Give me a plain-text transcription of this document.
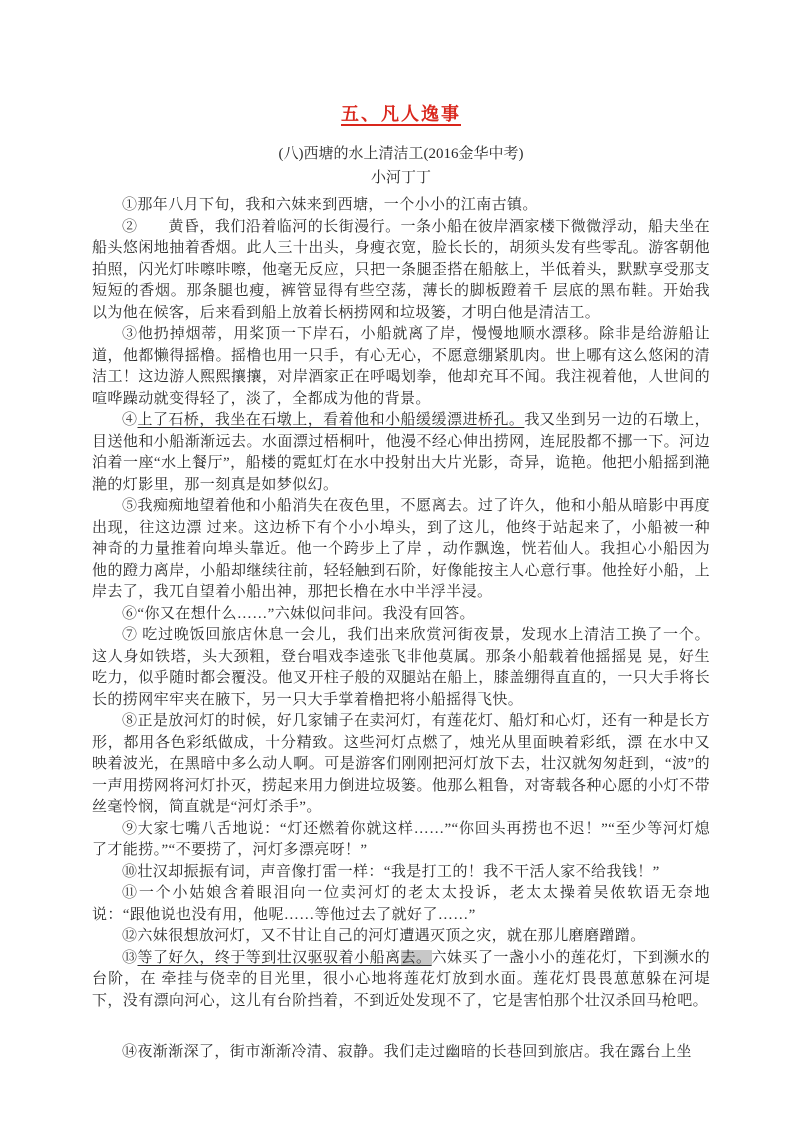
五、凡人逸事
(八)西塘的水上清洁工(2016金华中考)
小河丁丁

①那年八月下旬，我和六妹来到西塘，一个小小的江南古镇。

②　　黄昏，我们沿着临河的长街漫行。一条小船在彼岸酒家楼下微微浮动，船夫坐在船头悠闲地抽着香烟。此人三十出头，身瘦衣宽，脸长长的，胡须头发有些零乱。游客朝他拍照，闪光灯咔嚓咔嚓，他毫无反应，只把一条腿歪搭在船舷上，半低着头，默默享受那支短短的香烟。那条腿也瘦，裤管显得有些空荡，薄长的脚板蹬着千 层底的黑布鞋。开始我以为他在候客，后来看到船上放着长柄捞网和垃圾篓，才明白他是清洁工。

③他扔掉烟蒂，用桨顶一下岸石，小船就离了岸，慢慢地顺水漂移。除非是给游船让道，他都懒得摇橹。摇橹也用一只手，有心无心，不愿意绷紧肌肉。世上哪有这么悠闲的清洁工！这边游人熙熙攘攘，对岸酒家正在呼喝划拳，他却充耳不闻。我注视着他，人世间的喧哗躁动就变得轻了，淡了，全都成为他的背景。

④上了石桥，我坐在石墩上，看着他和小船缓缓漂进桥孔。我又坐到另一边的石墩上，目送他和小船渐渐远去。水面漂过梧桐叶，他漫不经心伸出捞网，连屁股都不挪一下。河边泊着一座“水上餐厅”，船楼的霓虹灯在水中投射出大片光影，奇异，诡艳。他把小船摇到滟滟的灯影里，那一刻真是如梦似幻。

⑤我痴痴地望着他和小船消失在夜色里，不愿离去。过了许久，他和小船从暗影中再度出现，往这边漂 过来。这边桥下有个小小埠头，到了这儿，他终于站起来了，小船被一种神奇的力量推着向埠头靠近。他一个跨步上了岸 ，动作飘逸，恍若仙人。我担心小船因为他的蹬力离岸，小船却继续往前，轻轻触到石阶，好像能按主人心意行事。他拴好小船，上岸去了，我兀自望着小船出神，那把长橹在水中半浮半浸。

⑥“你又在想什么……”六妹似问非问。我没有回答。

⑦ 吃过晚饭回旅店休息一会儿，我们出来欣赏河街夜景，发现水上清洁工换了一个。这人身如铁塔，头大颈粗，登台唱戏李逵张飞非他莫属。那条小船载着他摇摇晃 晃，好生吃力，似乎随时都会覆没。他叉开柱子般的双腿站在船上，膝盖绷得直直的，一只大手将长长的捞网牢牢夹在腋下，另一只大手掌着橹把将小船摇得飞快。

⑧正是放河灯的时候，好几家铺子在卖河灯，有莲花灯、船灯和心灯，还有一种是长方形，都用各色彩纸做成，十分精致。这些河灯点燃了，烛光从里面映着彩纸，漂 在水中又映着波光，在黑暗中多么动人啊。可是游客们刚刚把河灯放下去，壮汉就匆匆赶到，“波”的一声用捞网将河灯扑灭，捞起来用力倒进垃圾篓。他那么粗鲁，对寄载各种心愿的小灯不带丝毫怜悯，简直就是“河灯杀手”。

⑨大家七嘴八舌地说：“灯还燃着你就这样……”“你回头再捞也不迟！”“至少等河灯熄了才能捞。”“不要捞了，河灯多漂亮呀！”

⑩壮汉却振振有词，声音像打雷一样：“我是打工的！我不干活人家不给我钱！”

⑪一个小姑娘含着眼泪向一位卖河灯的老太太投诉，老太太操着吴侬软语无奈地说：“跟他说也没有用，他呢……等他过去了就好了……”

⑫六妹很想放河灯，又不甘让自己的河灯遭遇灭顶之灾，就在那儿磨磨蹭蹭。

⑬等了好久，终于等到壮汉驱驭着小船离去。六妹买了一盏小小的莲花灯，下到濒水的台阶，在 牵挂与侥幸的目光里，很小心地将莲花灯放到水面。莲花灯畏畏葸葸躲在河堤下，没有漂向河心，这儿有台阶挡着，不到近处发现不了，它是害怕那个壮汉杀回马枪吧。

⑭夜渐渐深了，街市渐渐冷清、寂静。我们走过幽暗的长巷回到旅店。我在露台上坐
